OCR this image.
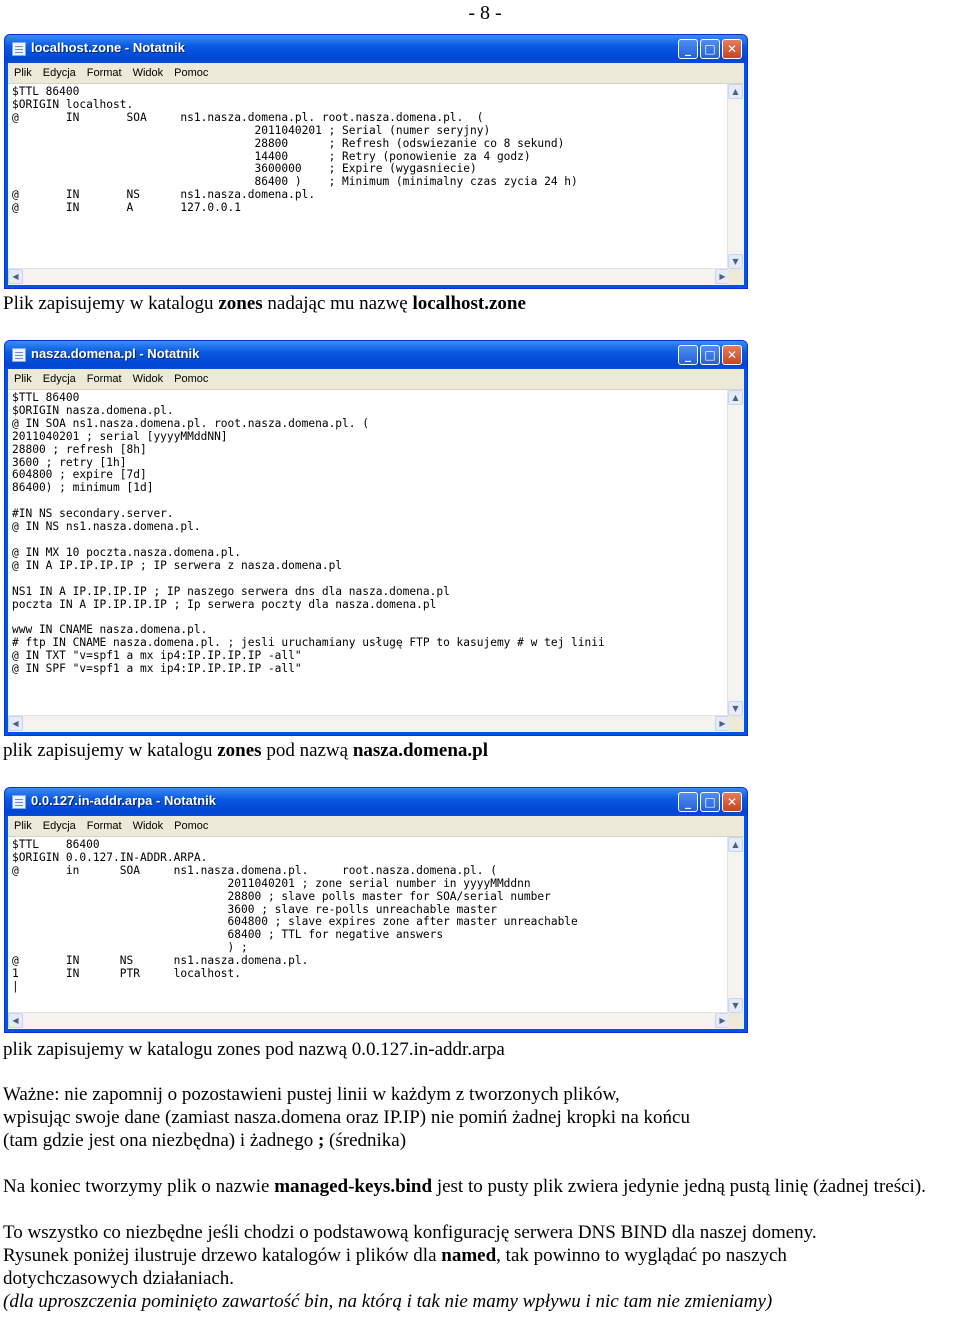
- 8 -
localhost.zone - Notatnik	_	□ ✕
Plik Edycja Format Widok Pomoc
$TTL 86400
$ORIGIN localhost.
@       IN       SOA     ns1.nasza.domena.pl. root.nasza.domena.pl.  (
2011040201 ; Serial (numer seryjny)
28800      ; Refresh (odswiezanie co 8 sekund)
14400      ; Retry (ponowienie za 4 godz)
3600000    ; Expire (wygasniecie)
86400 )    ; Minimum (minimalny czas zycia 24 h)
@       IN       NS      ns1.nasza.domena.pl.
@       IN       A       127.0.0.1
▲
▼
◀	▶
Plik zapisujemy w katalogu zones nadając mu nazwę localhost.zone
nasza.domena.pl - Notatnik	_	□ ✕
Plik Edycja Format Widok Pomoc
$TTL 86400
$ORIGIN nasza.domena.pl.
@ IN SOA ns1.nasza.domena.pl. root.nasza.domena.pl. (
2011040201 ; serial [yyyyMMddNN]
28800 ; refresh [8h]
3600 ; retry [1h]
604800 ; expire [7d]
86400) ; minimum [1d]

#IN NS secondary.server.
@ IN NS ns1.nasza.domena.pl.

@ IN MX 10 poczta.nasza.domena.pl.
@ IN A IP.IP.IP.IP ; IP serwera z nasza.domena.pl

NS1 IN A IP.IP.IP.IP ; IP naszego serwera dns dla nasza.domena.pl
poczta IN A IP.IP.IP.IP ; Ip serwera poczty dla nasza.domena.pl

www IN CNAME nasza.domena.pl.
# ftp IN CNAME nasza.domena.pl. ; jesli uruchamiany usługę FTP to kasujemy # w tej linii
@ IN TXT "v=spf1 a mx ip4:IP.IP.IP.IP -all"
@ IN SPF "v=spf1 a mx ip4:IP.IP.IP.IP -all"
▲
▼
◀	▶
plik zapisujemy w katalogu zones pod nazwą nasza.domena.pl
0.0.127.in-addr.arpa - Notatnik	_	□ ✕
Plik Edycja Format Widok Pomoc
$TTL    86400
$ORIGIN 0.0.127.IN-ADDR.ARPA.
@       in      SOA     ns1.nasza.domena.pl.     root.nasza.domena.pl. (
2011040201 ; zone serial number in yyyyMMddnn
28800 ; slave polls master for SOA/serial number
3600 ; slave re-polls unreachable master
604800 ; slave expires zone after master unreachable
68400 ; TTL for negative answers
) ;
@       IN      NS      ns1.nasza.domena.pl.
1       IN      PTR     localhost.
|
▲
▼
◀	▶
plik zapisujemy w katalogu zones pod nazwą 0.0.127.in-addr.arpa
Ważne: nie zapomnij o pozostawieni pustej linii w każdym z tworzonych plików,
wpisując swoje dane (zamiast nasza.domena oraz IP.IP) nie pomiń żadnej kropki na końcu
(tam gdzie jest ona niezbędna) i żadnego ; (średnika)
Na koniec tworzymy plik o nazwie managed-keys.bind jest to pusty plik zwiera jedynie jedną pustą linię (żadnej treści).
To wszystko co niezbędne jeśli chodzi o podstawową konfigurację serwera DNS BIND dla naszej domeny.
Rysunek poniżej ilustruje drzewo katalogów i plików dla named, tak powinno to wyglądać po naszych
dotychczasowych działaniach.
(dla uproszczenia pominięto zawartość bin, na którą i tak nie mamy wpływu i nic tam nie zmieniamy)
